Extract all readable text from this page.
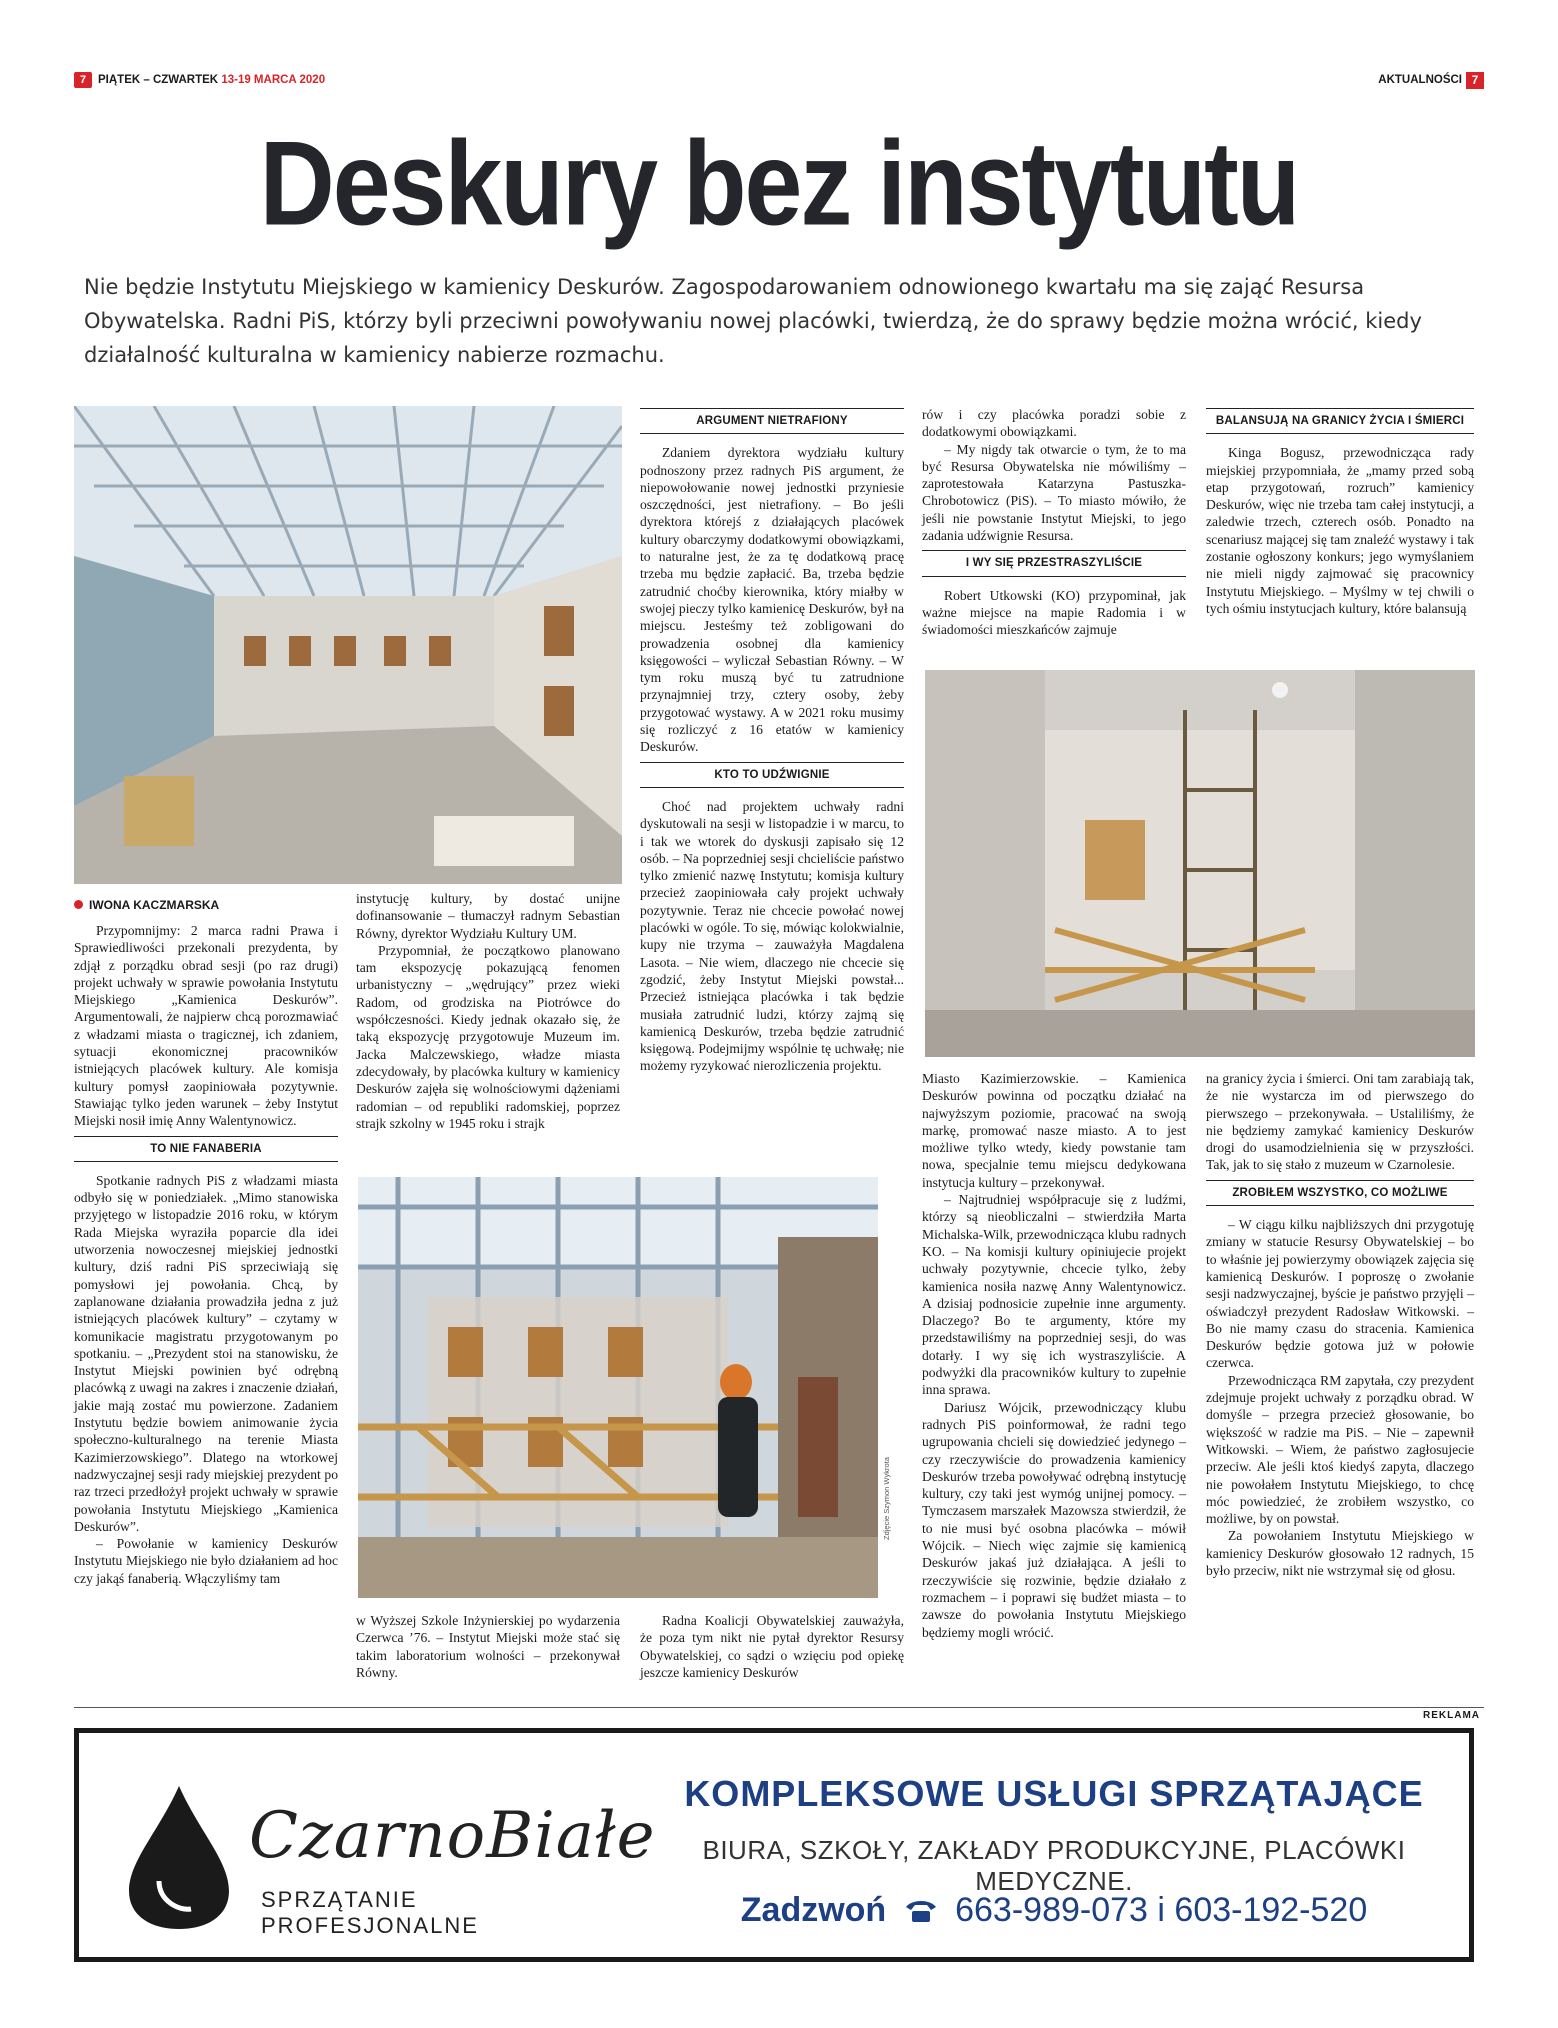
7	PIĄTEK – CZWARTEK 13-19 MARCA 2020	AKTUALNOŚCI 7
Deskury bez instytutu

Nie będzie Instytutu Miejskiego w kamienicy Deskurów. Zagospodarowaniem odnowionego kwartału ma się zająć Resursa Obywatelska. Radni PiS, którzy byli przeciwni powoływaniu nowej placówki, twierdzą, że do sprawy będzie można wrócić, kiedy działalność kulturalna w kamienicy nabierze rozmachu.

Zdjęcie Szymon Wykrota
IWONA KACZMARSKA

Przypomnijmy: 2 marca radni Prawa i Sprawiedliwości przekonali prezydenta, by zdjął z porządku obrad sesji (po raz drugi) projekt uchwały w sprawie powołania Instytutu Miejskiego „Kamienica Deskurów”. Argumentowali, że najpierw chcą porozmawiać z władzami miasta o tragicznej, ich zdaniem, sytuacji ekonomicznej pracowników istniejących placówek kultury. Ale komisja kultury pomysł zaopiniowała pozytywnie. Stawiając tylko jeden warunek – żeby Instytut Miejski nosił imię Anny Walentynowicz.

TO NIE FANABERIA

Spotkanie radnych PiS z władzami miasta odbyło się w poniedziałek. „Mimo stanowiska przyjętego w listopadzie 2016 roku, w którym Rada Miejska wyraziła poparcie dla idei utworzenia nowoczesnej miejskiej jednostki kultury, dziś radni PiS sprzeciwiają się pomysłowi jej powołania. Chcą, by zaplanowane działania prowadziła jedna z już istniejących placówek kultury” – czytamy w komunikacie magistratu przygotowanym po spotkaniu. – „Prezydent stoi na stanowisku, że Instytut Miejski powinien być odrębną placówką z uwagi na zakres i znaczenie działań, jakie mają zostać mu powierzone. Zadaniem Instytutu będzie bowiem animowanie życia społeczno-kulturalnego na terenie Miasta Kazimierzowskiego”. Dlatego na wtorkowej nadzwyczajnej sesji rady miejskiej prezydent po raz trzeci przedłożył projekt uchwały w sprawie powołania Instytutu Miejskiego „Kamienica Deskurów”.

– Powołanie w kamienicy Deskurów Instytutu Miejskiego nie było działaniem ad hoc czy jakąś fanaberią. Włączyliśmy tam

instytucję kultury, by dostać unijne dofinansowanie – tłumaczył radnym Sebastian Równy, dyrektor Wydziału Kultury UM.

Przypomniał, że początkowo planowano tam ekspozycję pokazującą fenomen urbanistyczny – „wędrujący” przez wieki Radom, od grodziska na Piotrówce do współczesności. Kiedy jednak okazało się, że taką ekspozycję przygotowuje Muzeum im. Jacka Malczewskiego, władze miasta zdecydowały, by placówka kultury w kamienicy Deskurów zajęła się wolnościowymi dążeniami radomian – od republiki radomskiej, poprzez strajk szkolny w 1945 roku i strajk

w Wyższej Szkole Inżynierskiej po wydarzenia Czerwca ’76. – Instytut Miejski może stać się takim laboratorium wolności – przekonywał Równy.

ARGUMENT NIETRAFIONY

Zdaniem dyrektora wydziału kultury podnoszony przez radnych PiS argument, że niepowołowanie nowej jednostki przyniesie oszczędności, jest nietrafiony. – Bo jeśli dyrektora którejś z działających placówek kultury obarczymy dodatkowymi obowiązkami, to naturalne jest, że za tę dodatkową pracę trzeba mu będzie zapłacić. Ba, trzeba będzie zatrudnić choćby kierownika, który miałby w swojej pieczy tylko kamienicę Deskurów, był na miejscu. Jesteśmy też zobligowani do prowadzenia osobnej dla kamienicy księgowości – wyliczał Sebastian Równy. – W tym roku muszą być tu zatrudnione przynajmniej trzy, cztery osoby, żeby przygotować wystawy. A w 2021 roku musimy się rozliczyć z 16 etatów w kamienicy Deskurów.

KTO TO UDŹWIGNIE

Choć nad projektem uchwały radni dyskutowali na sesji w listopadzie i w marcu, to i tak we wtorek do dyskusji zapisało się 12 osób. – Na poprzedniej sesji chcieliście państwo tylko zmienić nazwę Instytutu; komisja kultury przecież zaopiniowała cały projekt uchwały pozytywnie. Teraz nie chcecie powołać nowej placówki w ogóle. To się, mówiąc kolokwialnie, kupy nie trzyma – zauważyła Magdalena Lasota. – Nie wiem, dlaczego nie chcecie się zgodzić, żeby Instytut Miejski powstał... Przecież istniejąca placówka i tak będzie musiała zatrudnić ludzi, którzy zajmą się kamienicą Deskurów, trzeba będzie zatrudnić księgową. Podejmijmy wspólnie tę uchwałę; nie możemy ryzykować nierozliczenia projektu.

Radna Koalicji Obywatelskiej zauważyła, że poza tym nikt nie pytał dyrektor Resursy Obywatelskiej, co sądzi o wzięciu pod opiekę jeszcze kamienicy Deskurów

rów i czy placówka poradzi sobie z dodatkowymi obowiązkami.

– My nigdy tak otwarcie o tym, że to ma być Resursa Obywatelska nie mówiliśmy – zaprotestowała Katarzyna Pastuszka-Chrobotowicz (PiS). – To miasto mówiło, że jeśli nie powstanie Instytut Miejski, to jego zadania udźwignie Resursa.

I WY SIĘ PRZESTRASZYLIŚCIE

Robert Utkowski (KO) przypominał, jak ważne miejsce na mapie Radomia i w świadomości mieszkańców zajmuje

Miasto Kazimierzowskie. – Kamienica Deskurów powinna od początku działać na najwyższym poziomie, pracować na swoją markę, promować nasze miasto. A to jest możliwe tylko wtedy, kiedy powstanie tam nowa, specjalnie temu miejscu dedykowana instytucja kultury – przekonywał.

– Najtrudniej współpracuje się z ludźmi, którzy są nieobliczalni – stwierdziła Marta Michalska-Wilk, przewodnicząca klubu radnych KO. – Na komisji kultury opiniujecie projekt uchwały pozytywnie, chcecie tylko, żeby kamienica nosiła nazwę Anny Walentynowicz. A dzisiaj podnosicie zupełnie inne argumenty. Dlaczego? Bo te argumenty, które my przedstawiliśmy na poprzedniej sesji, do was dotarły. I wy się ich wystraszyliście. A podwyżki dla pracowników kultury to zupełnie inna sprawa.

Dariusz Wójcik, przewodniczący klubu radnych PiS poinformował, że radni tego ugrupowania chcieli się dowiedzieć jedynego – czy rzeczywiście do prowadzenia kamienicy Deskurów trzeba powoływać odrębną instytucję kultury, czy taki jest wymóg unijnej pomocy. – Tymczasem marszałek Mazowsza stwierdził, że to nie musi być osobna placówka – mówił Wójcik. – Niech więc zajmie się kamienicą Deskurów jakaś już działająca. A jeśli to rzeczywiście się rozwinie, będzie działało z rozmachem – i poprawi się budżet miasta – to zawsze do powołania Instytutu Miejskiego będziemy mogli wrócić.

BALANSUJĄ NA GRANICY ŻYCIA I ŚMIERCI

Kinga Bogusz, przewodnicząca rady miejskiej przypomniała, że „mamy przed sobą etap przygotowań, rozruch” kamienicy Deskurów, więc nie trzeba tam całej instytucji, a zaledwie trzech, czterech osób. Ponadto na scenariusz mającej się tam znaleźć wystawy i tak zostanie ogłoszony konkurs; jego wymyślaniem nie mieli nigdy zajmować się pracownicy Instytutu Miejskiego. – Myślmy w tej chwili o tych ośmiu instytucjach kultury, które balansują

na granicy życia i śmierci. Oni tam zarabiają tak, że nie wystarcza im od pierwszego do pierwszego – przekonywała. – Ustaliliśmy, że nie będziemy zamykać kamienicy Deskurów drogi do usamodzielnienia się w przyszłości. Tak, jak to się stało z muzeum w Czarnolesie.

ZROBIŁEM WSZYSTKO, CO MOŻLIWE

– W ciągu kilku najbliższych dni przygotuję zmiany w statucie Resursy Obywatelskiej – bo to właśnie jej powierzymy obowiązek zajęcia się kamienicą Deskurów. I poproszę o zwołanie sesji nadzwyczajnej, byście je państwo przyjęli – oświadczył prezydent Radosław Witkowski. – Bo nie mamy czasu do stracenia. Kamienica Deskurów będzie gotowa już w połowie czerwca.

Przewodnicząca RM zapytała, czy prezydent zdejmuje projekt uchwały z porządku obrad. W domyśle – przegra przecież głosowanie, bo większość w radzie ma PiS. – Nie – zapewnił Witkowski. – Wiem, że państwo zagłosujecie przeciw. Ale jeśli ktoś kiedyś zapyta, dlaczego nie powołałem Instytutu Miejskiego, to chcę móc powiedzieć, że zrobiłem wszystko, co możliwe, by on powstał.

Za powołaniem Instytutu Miejskiego w kamienicy Deskurów głosowało 12 radnych, 15 było przeciw, nikt nie wstrzymał się od głosu.

REKLAMA
CzarnoBiałe
SPRZĄTANIE PROFESJONALNE
KOMPLEKSOWE USŁUGI SPRZĄTAJĄCE
BIURA, SZKOŁY, ZAKŁADY PRODUKCYJNE, PLACÓWKI MEDYCZNE.
Zadzwoń 663-989-073 i 603-192-520
